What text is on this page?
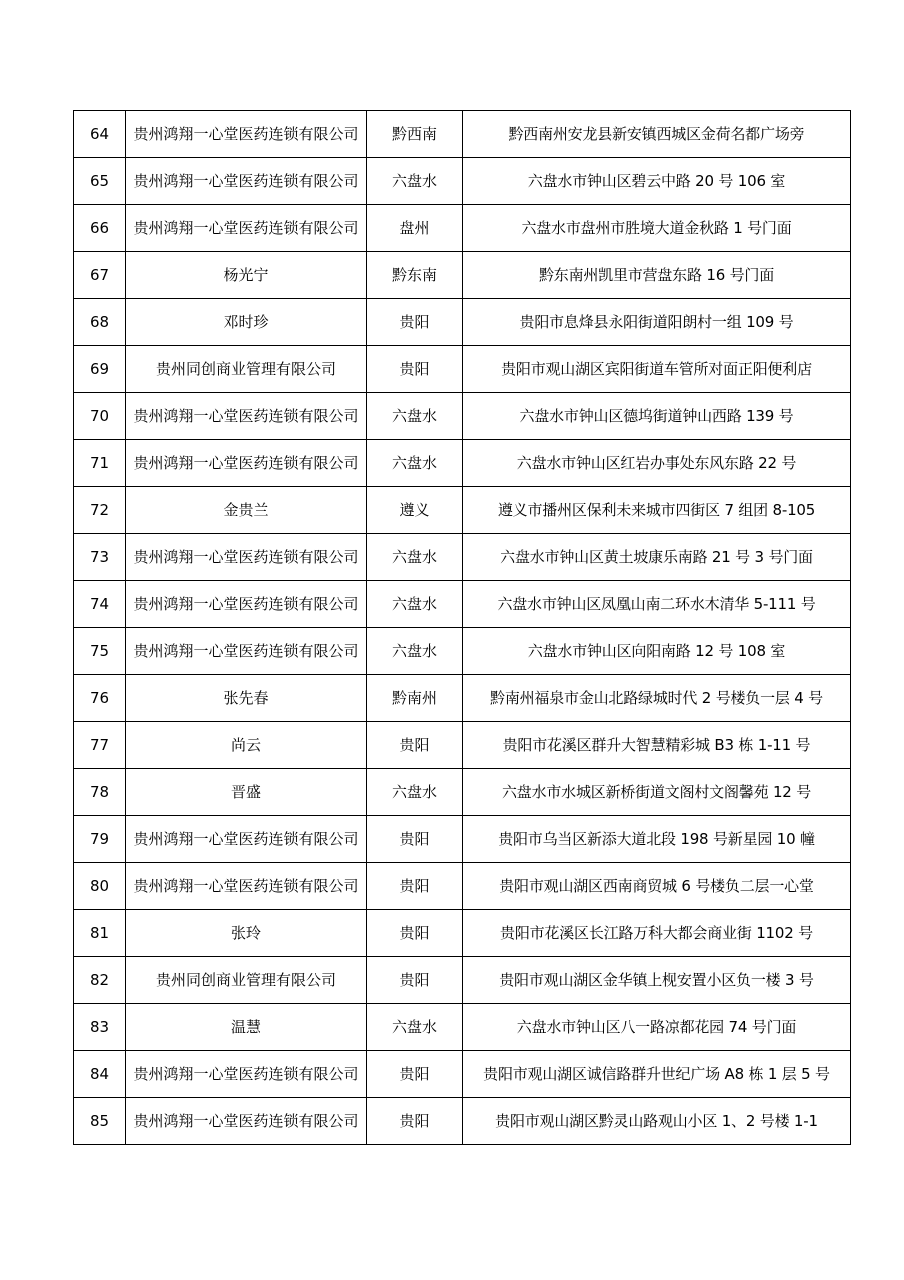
64	贵州鸿翔一心堂医药连锁有限公司	黔西南	黔西南州安龙县新安镇西城区金荷名都广场旁
65	贵州鸿翔一心堂医药连锁有限公司	六盘水	六盘水市钟山区碧云中路 20 号 106 室
66	贵州鸿翔一心堂医药连锁有限公司	盘州	六盘水市盘州市胜境大道金秋路 1 号门面
67	杨光宁	黔东南	黔东南州凯里市营盘东路 16 号门面
68	邓时珍	贵阳	贵阳市息烽县永阳街道阳朗村一组 109 号
69	贵州同创商业管理有限公司	贵阳	贵阳市观山湖区宾阳街道车管所对面正阳便利店
70	贵州鸿翔一心堂医药连锁有限公司	六盘水	六盘水市钟山区德坞街道钟山西路 139 号
71	贵州鸿翔一心堂医药连锁有限公司	六盘水	六盘水市钟山区红岩办事处东风东路 22 号
72	金贵兰	遵义	遵义市播州区保利未来城市四街区 7 组团 8-105
73	贵州鸿翔一心堂医药连锁有限公司	六盘水	六盘水市钟山区黄土坡康乐南路 21 号 3 号门面
74	贵州鸿翔一心堂医药连锁有限公司	六盘水	六盘水市钟山区凤凰山南二环水木清华 5-111 号
75	贵州鸿翔一心堂医药连锁有限公司	六盘水	六盘水市钟山区向阳南路 12 号 108 室
76	张先春	黔南州	黔南州福泉市金山北路绿城时代 2 号楼负一层 4 号
77	尚云	贵阳	贵阳市花溪区群升大智慧精彩城 B3 栋 1-11 号
78	晋盛	六盘水	六盘水市水城区新桥街道文阁村文阁馨苑 12 号
79	贵州鸿翔一心堂医药连锁有限公司	贵阳	贵阳市乌当区新添大道北段 198 号新星园 10 幢
80	贵州鸿翔一心堂医药连锁有限公司	贵阳	贵阳市观山湖区西南商贸城 6 号楼负二层一心堂
81	张玲	贵阳	贵阳市花溪区长江路万科大都会商业街 1102 号
82	贵州同创商业管理有限公司	贵阳	贵阳市观山湖区金华镇上枧安置小区负一楼 3 号
83	温慧	六盘水	六盘水市钟山区八一路凉都花园 74 号门面
84	贵州鸿翔一心堂医药连锁有限公司	贵阳	贵阳市观山湖区诚信路群升世纪广场 A8 栋 1 层 5 号
85	贵州鸿翔一心堂医药连锁有限公司	贵阳	贵阳市观山湖区黔灵山路观山小区 1、2 号楼 1-1
